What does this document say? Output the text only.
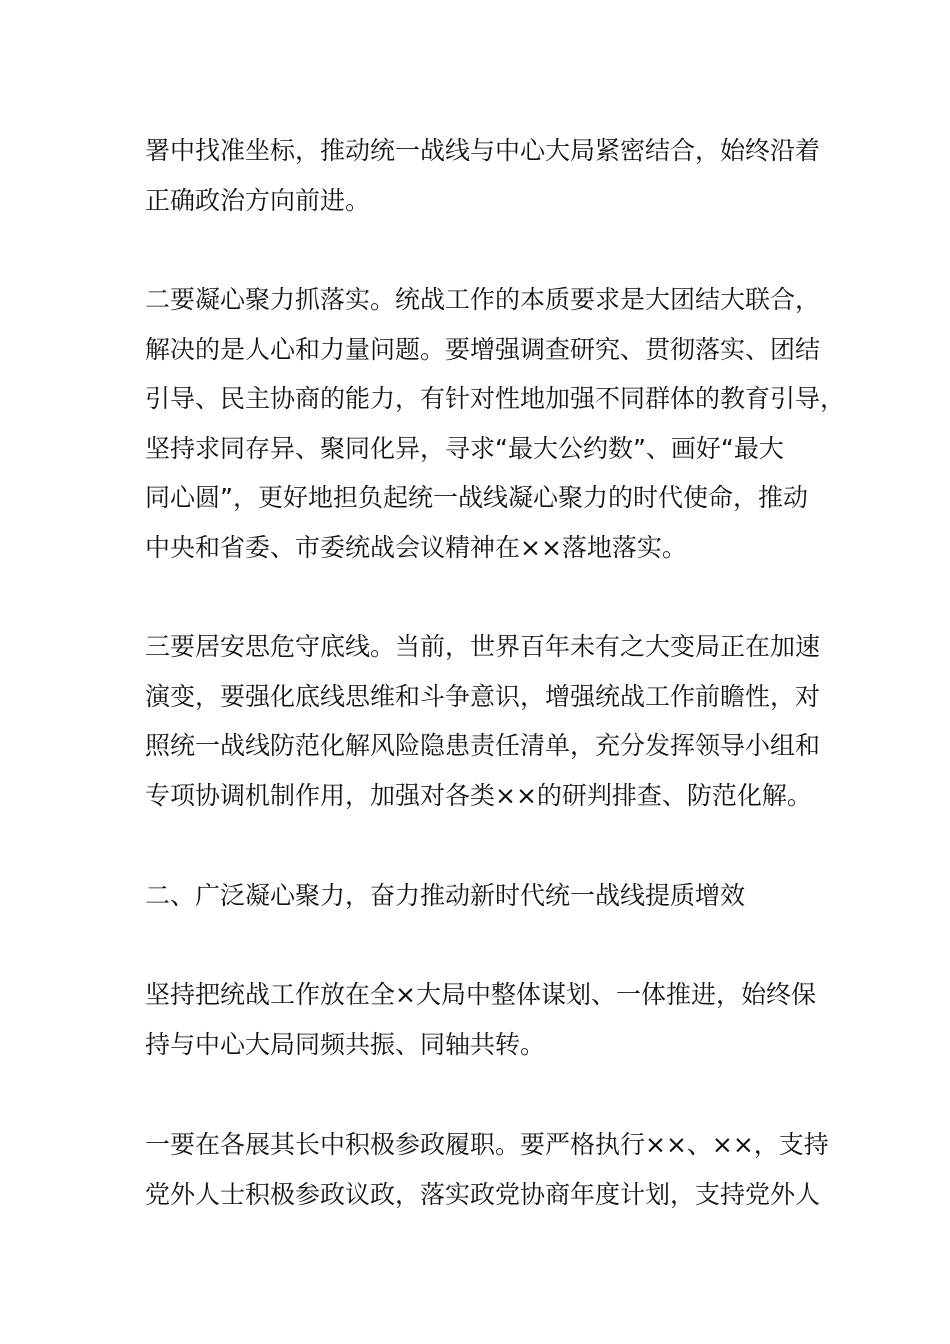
署中找准坐标，推动统一战线与中心大局紧密结合，始终沿着
正确政治方向前进。
二要凝心聚力抓落实。统战工作的本质要求是大团结大联合，
解决的是人心和力量问题。要增强调查研究、贯彻落实、团结
引导、民主协商的能力，有针对性地加强不同群体的教育引导，
坚持求同存异、聚同化异，寻求“最大公约数”、画好“最大
同心圆”，更好地担负起统一战线凝心聚力的时代使命，推动
中央和省委、市委统战会议精神在××落地落实。
三要居安思危守底线。当前，世界百年未有之大变局正在加速
演变，要强化底线思维和斗争意识，增强统战工作前瞻性，对
照统一战线防范化解风险隐患责任清单，充分发挥领导小组和
专项协调机制作用，加强对各类××的研判排查、防范化解。
二、广泛凝心聚力，奋力推动新时代统一战线提质增效
坚持把统战工作放在全×大局中整体谋划、一体推进，始终保
持与中心大局同频共振、同轴共转。
一要在各展其长中积极参政履职。要严格执行××、××，支持
党外人士积极参政议政，落实政党协商年度计划，支持党外人
